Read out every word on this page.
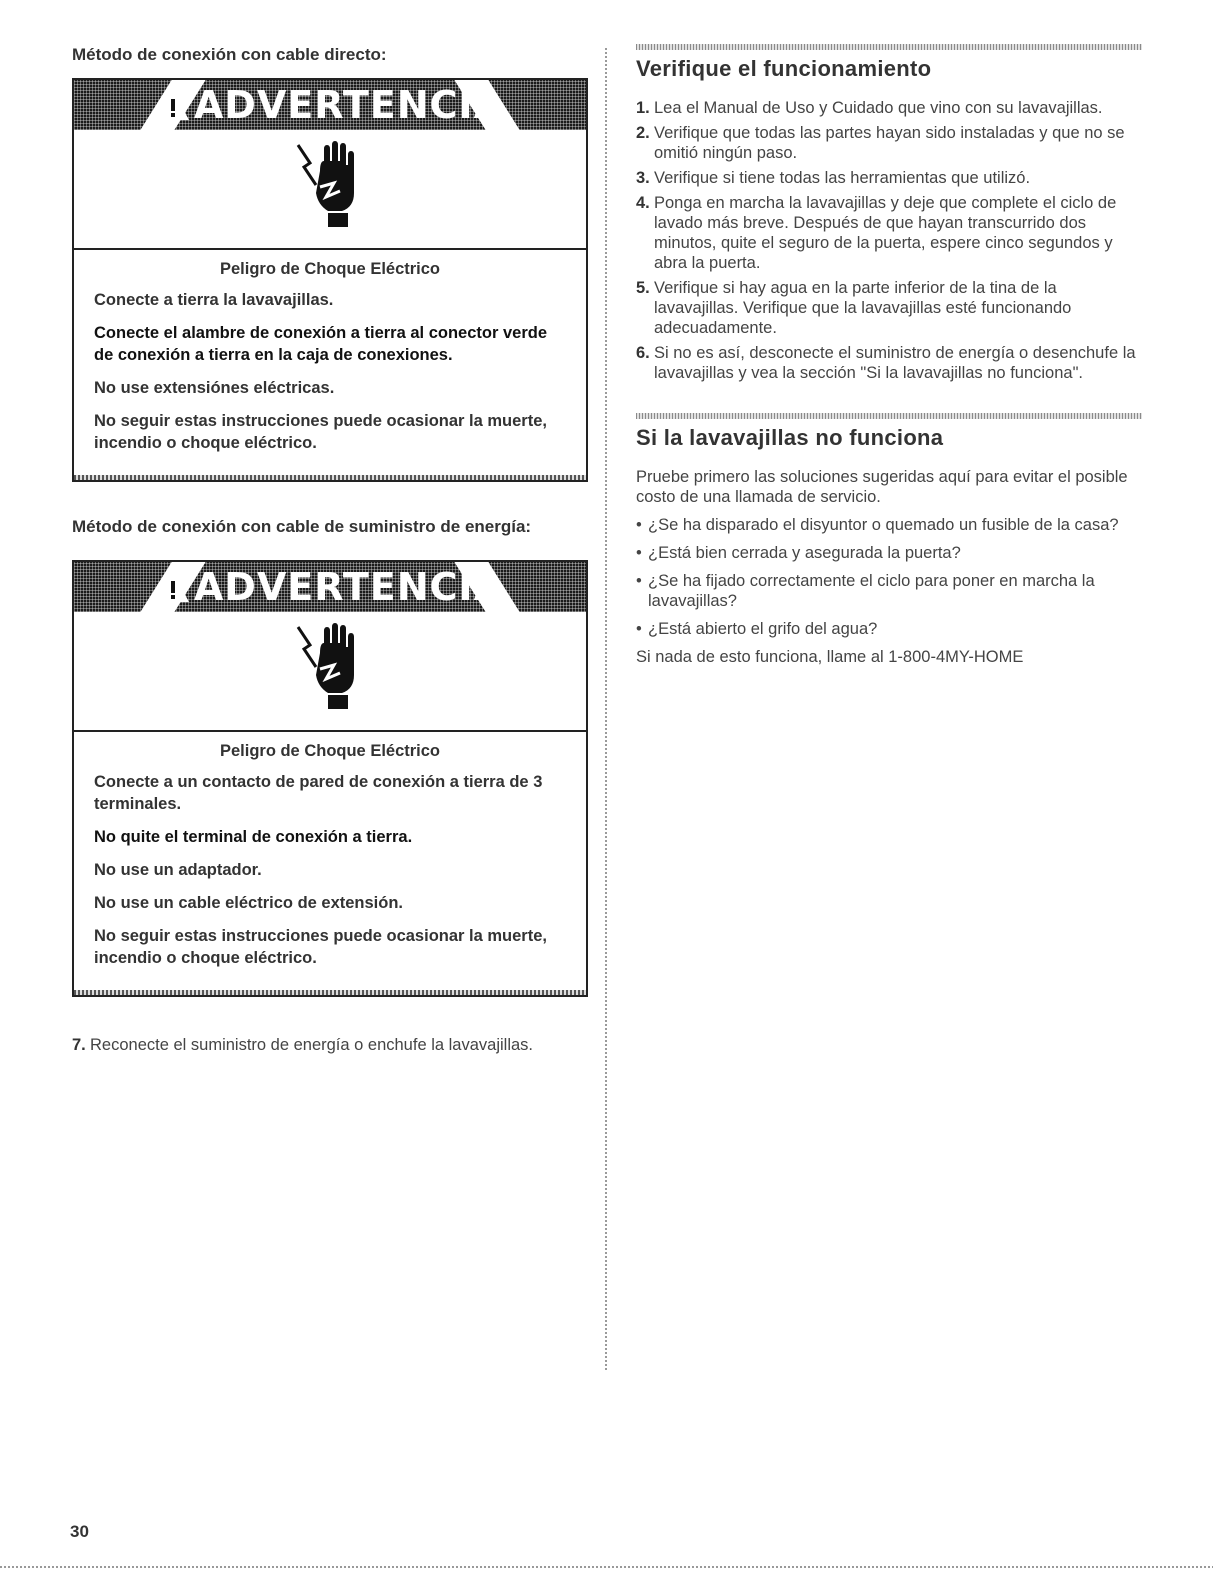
Método de conexión con cable directo:

ADVERTENCIA

Peligro de Choque Eléctrico

Conecte a tierra la lavavajillas.

Conecte el alambre de conexión a tierra al conector verde de conexión a tierra en la caja de conexiones.

No use extensiónes eléctricas.

No seguir estas instrucciones puede ocasionar la muerte, incendio o choque eléctrico.

Método de conexión con cable de suministro de energía:

ADVERTENCIA

Peligro de Choque Eléctrico

Conecte a un contacto de pared de conexión a tierra de 3 terminales.

No quite el terminal de conexión a tierra.

No use un adaptador.

No use un cable eléctrico de extensión.

No seguir estas instrucciones puede ocasionar la muerte, incendio o choque eléctrico.

7. Reconecte el suministro de energía o enchufe la lavavajillas.

Verifique el funcionamiento
1. Lea el Manual de Uso y Cuidado que vino con su lavavajillas.
2. Verifique que todas las partes hayan sido instaladas y que no se omitió ningún paso.
3. Verifique si tiene todas las herramientas que utilizó.
4. Ponga en marcha la lavavajillas y deje que complete el ciclo de lavado más breve. Después de que hayan transcurrido dos minutos, quite el seguro de la puerta, espere cinco segundos y abra la puerta.
5. Verifique si hay agua en la parte inferior de la tina de la lavavajillas. Verifique que la lavavajillas esté funcionando adecuadamente.
6. Si no es así, desconecte el suministro de energía o desenchufe la lavavajillas y vea la sección "Si la lavavajillas no funciona".
Si la lavavajillas no funciona

Pruebe primero las soluciones sugeridas aquí para evitar el posible costo de una llamada de servicio.

• ¿Se ha disparado el disyuntor o quemado un fusible de la casa?
• ¿Está bien cerrada y asegurada la puerta?
• ¿Se ha fijado correctamente el ciclo para poner en marcha la lavavajillas?
• ¿Está abierto el grifo del agua?

Si nada de esto funciona, llame al 1-800-4MY-HOME

30
